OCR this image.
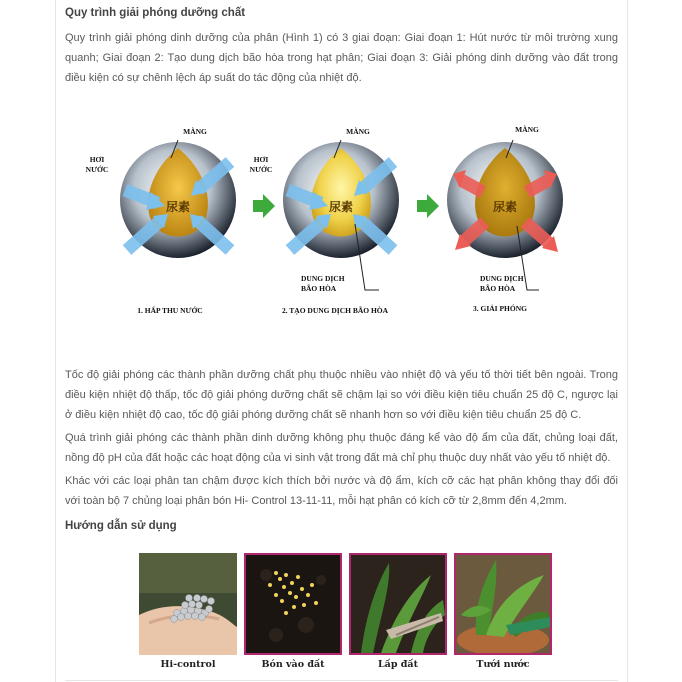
Quy trình giải phóng dưỡng chất
Quy trình giải phóng dinh dưỡng của phân (Hình 1) có 3 giai đoạn: Giai đoạn 1: Hút nước từ môi trường xung quanh; Giai đoạn 2: Tạo dung dịch bão hòa trong hạt phân; Giai đoạn 3: Giải phóng dinh dưỡng vào đất trong điều kiện có sự chênh lệch áp suất do tác động của nhiệt độ.
尿素
MÀNG
HƠI
NƯỚC
1. HẤP THU NƯỚC
尿素
MÀNG
HƠI
NƯỚC
DUNG DỊCH
BÃO HÒA
2. TẠO DUNG DỊCH BÃO HÒA
尿素
MÀNG
DUNG DỊCH
BÃO HÒA
3. GIẢI PHÓNG
Tốc độ giải phóng các thành phần dưỡng chất phụ thuộc nhiều vào nhiệt độ và yếu tố thời tiết bên ngoài. Trong điều kiện nhiệt độ thấp, tốc độ giải phóng dưỡng chất sẽ chậm lại so với điều kiện tiêu chuẩn 25 độ C, ngược lại ở điều kiện nhiệt độ cao, tốc độ giải phóng dưỡng chất sẽ nhanh hơn so với điều kiện tiêu chuẩn 25 độ C.
Quá trình giải phóng các thành phần dinh dưỡng không phụ thuộc đáng kể vào độ ẩm của đất, chủng loại đất, nồng độ pH của đất hoặc các hoạt động của vi sinh vật trong đất mà chỉ phụ thuộc duy nhất vào yếu tố nhiệt độ.
Khác với các loại phân tan chậm được kích thích bởi nước và độ ẩm, kích cỡ các hạt phân không thay đổi đối với toàn bộ 7 chủng loại phân bón Hi- Control 13-11-11, mỗi hạt phân có kích cỡ từ 2,8mm đến 4,2mm.
Hướng dẫn sử dụng
Hi-control	Bón vào đất	Lấp đất	Tưới nước
